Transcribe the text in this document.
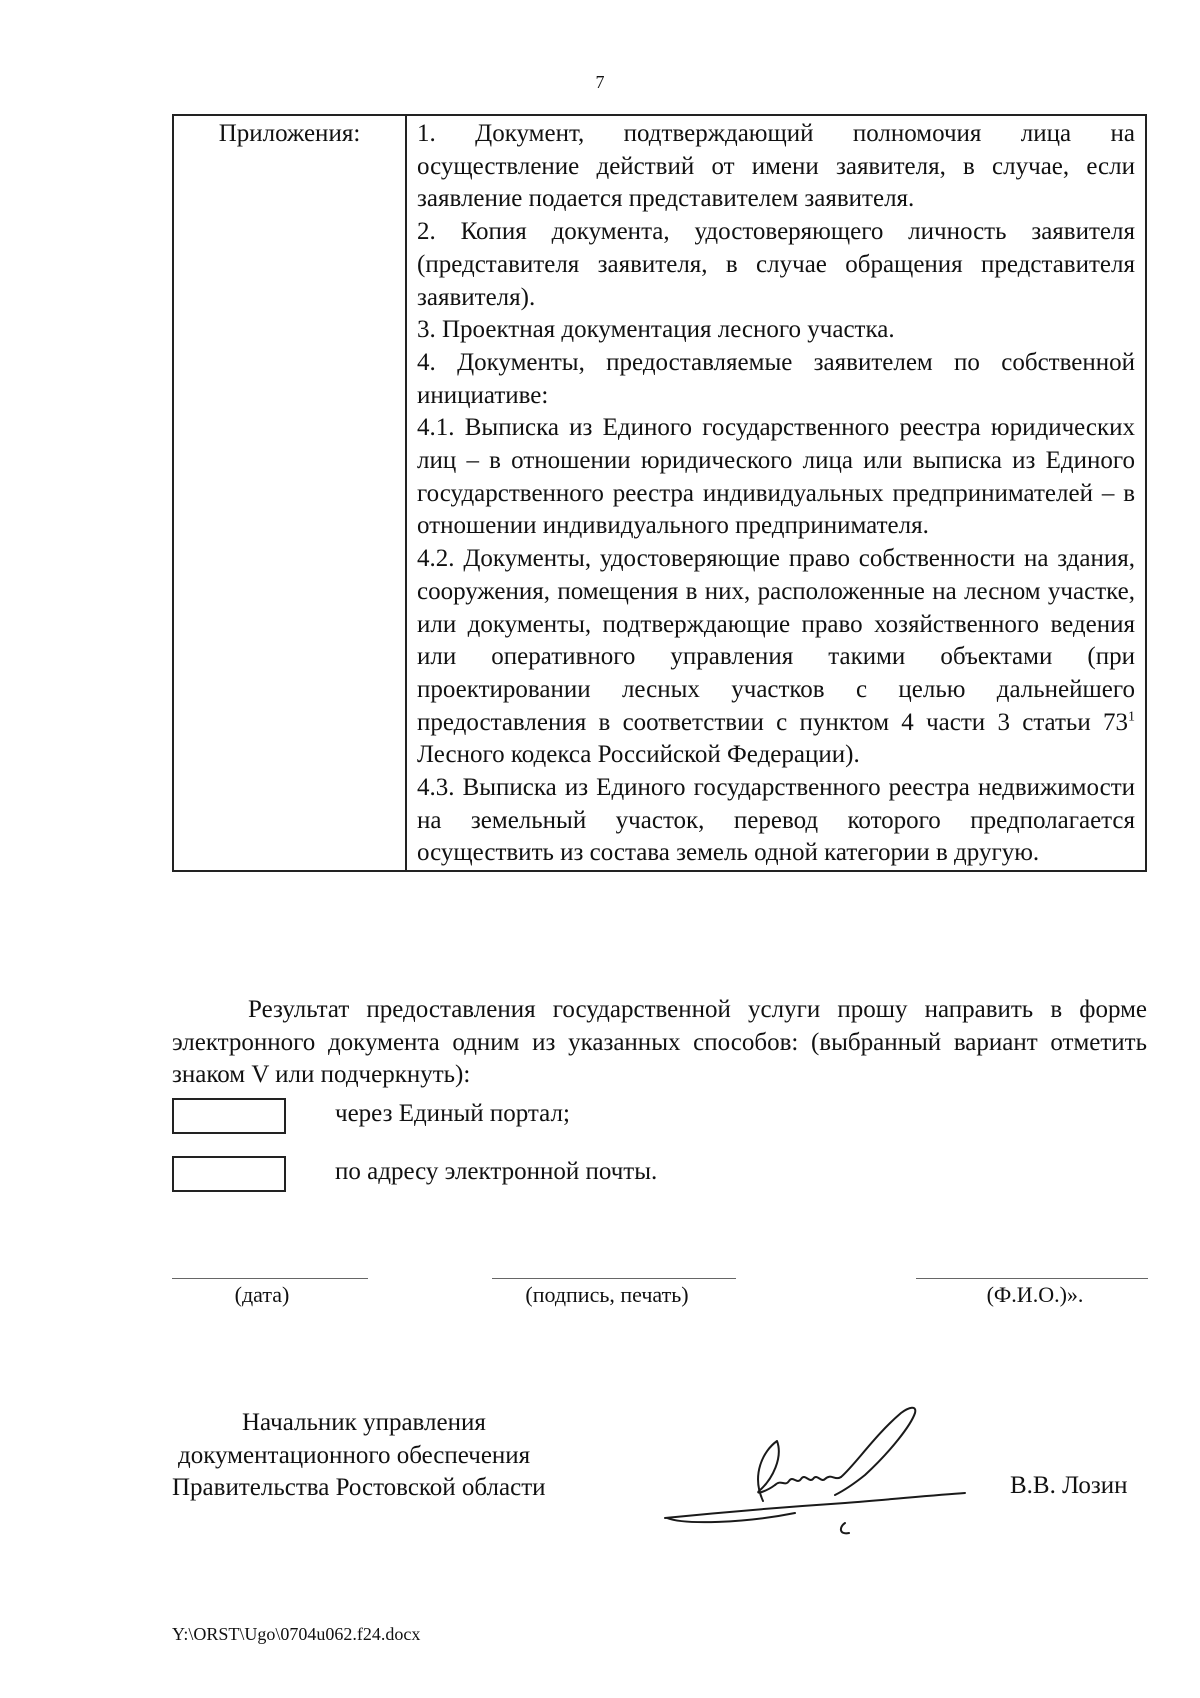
7
Приложения:	1. Документ, подтверждающий полномочия лица на осуществление действий от имени заявителя, в случае, если заявление подается представителем заявителя.

2. Копия документа, удостоверяющего личность заявителя (представителя заявителя, в случае обращения представителя заявителя).

3. Проектная документация лесного участка.

4. Документы, предоставляемые заявителем по собственной инициативе:

4.1. Выписка из Единого государственного реестра юридических лиц – в отношении юридического лица или выписка из Единого государственного реестра индивидуальных предпринимателей – в отношении индивидуального предпринимателя.

4.2. Документы, удостоверяющие право собственности на здания, сооружения, помещения в них, расположенные на лесном участке, или документы, подтверждающие право хозяйственного ведения или оперативного управления такими объектами (при проектировании лесных участков с целью дальнейшего предоставления в соответствии с пунктом 4 части 3 статьи $73^1$ Лесного кодекса Российской Федерации).

4.3. Выписка из Единого государственного реестра недвижимости на земельный участок, перевод которого предполагается осуществить из состава земель одной категории в другую.

Результат предоставления государственной услуги прошу направить в форме электронного документа одним из указанных способов: (выбранный вариант отметить знаком V или подчеркнуть):
через Единый портал;
по адресу электронной почты.
(дата)	(подпись, печать)	(Ф.И.О.)».
Начальник управления
документационного обеспечения
Правительства Ростовской области	В.В. Лозин
Y:\ORST\Ugo\0704u062.f24.docx
